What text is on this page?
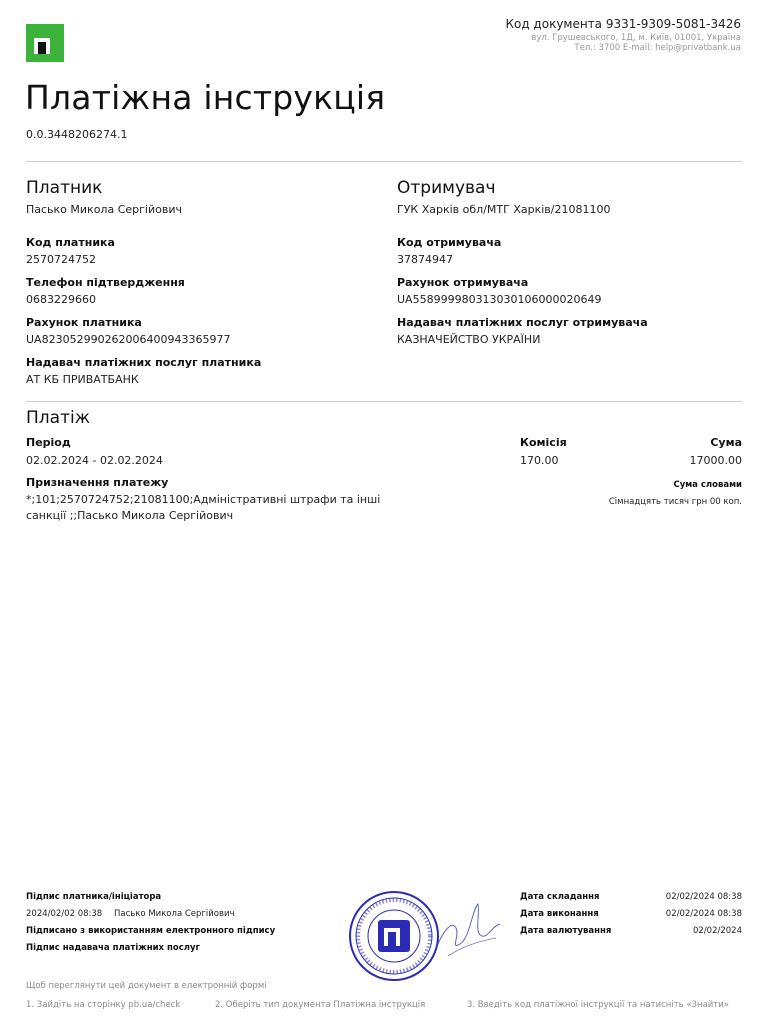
Код документа 9331-9309-5081-3426
вул. Грушевського, 1Д, м. Київ, 01001, Україна
Тел.: 3700 E-mail: help@privatbank.ua
Платіжна інструкція
0.0.3448206274.1
Платник
Пасько Микола Сергійович
Код платника
2570724752
Телефон підтвердження
0683229660
Рахунок платника
UA823052990262006400943365977
Надавач платіжних послуг платника
АТ КБ ПРИВАТБАНК
Отримувач
ГУК Харків обл/МТГ Харків/21081100
Код отримувача
37874947
Рахунок отримувача
UA558999980313030106000020649
Надавач платіжних послуг отримувача
КАЗНАЧЕЙСТВО УКРАЇНИ
Платіж
Період
02.02.2024 - 02.02.2024
Комісія
170.00
Сума
17000.00
Призначення платежу
*;101;2570724752;21081100;Адміністративні штрафи та інші санкції ;;Пасько Микола Сергійович
Сума словами
Сімнадцять тисяч грн 00 коп.
Підпис платника/ініціатора
2024/02/02 08:38 Пасько Микола Сергійович
Підписано з використанням електронного підпису
Підпис надавача платіжних послуг
Дата складання	02/02/2024 08:38
Дата виконання	02/02/2024 08:38
Дата валютування	02/02/2024
Щоб переглянути цей документ в електронній формі
1. Зайдіть на сторінку pb.ua/check	2. Оберіть тип документа Платіжна інструкція	3. Введіть код платіжної інструкції та натисніть «Знайти»
